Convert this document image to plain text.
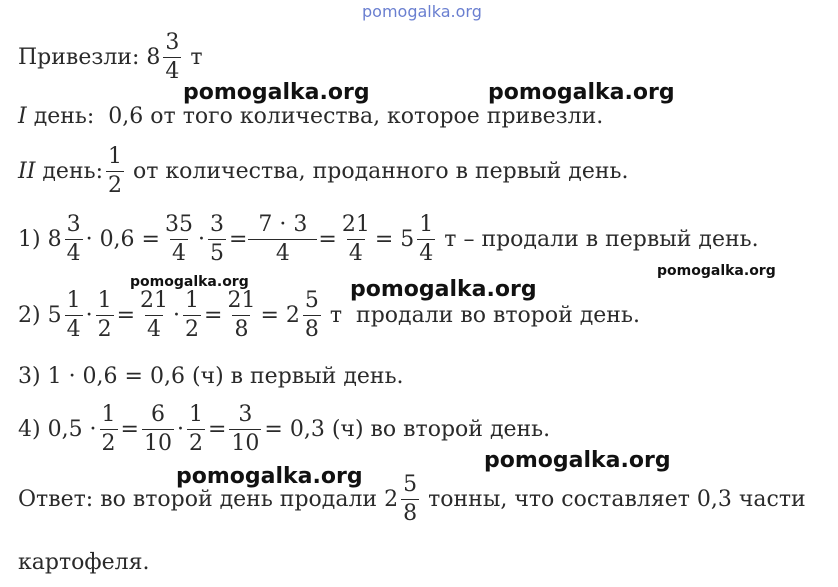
pomogalka.org
pomogalka.org	pomogalka.org
pomogalka.org
pomogalka.org
pomogalka.org
pomogalka.org
pomogalka.org
Привезли: $8 \frac{3}{4}$ т
I день:  0,6 от того количества, которое привезли.
II день: $\frac{1}{2}$ от количества, проданного в первый день.
1) $8 \frac{3}{4} \cdot 0,6 = \frac{35}{4} \cdot \frac{3}{5} = \frac{7 \cdot 3}{4} = \frac{21}{4} = 5 \frac{1}{4}$ т – продали в первый день.
2) $5 \frac{1}{4} \cdot \frac{1}{2} = \frac{21}{4} \cdot \frac{1}{2} = \frac{21}{8} = 2 \frac{5}{8}$ т  продали во второй день.
3) 1 · 0,6 = 0,6 (ч) в первый день.
4) $0,5 \cdot \frac{1}{2} = \frac{6}{10} \cdot \frac{1}{2} = \frac{3}{10} = 0,3$ (ч) во второй день.
Ответ: во второй день продали $2 \frac{5}{8}$ тонны, что составляет 0,3 части
картофеля.
